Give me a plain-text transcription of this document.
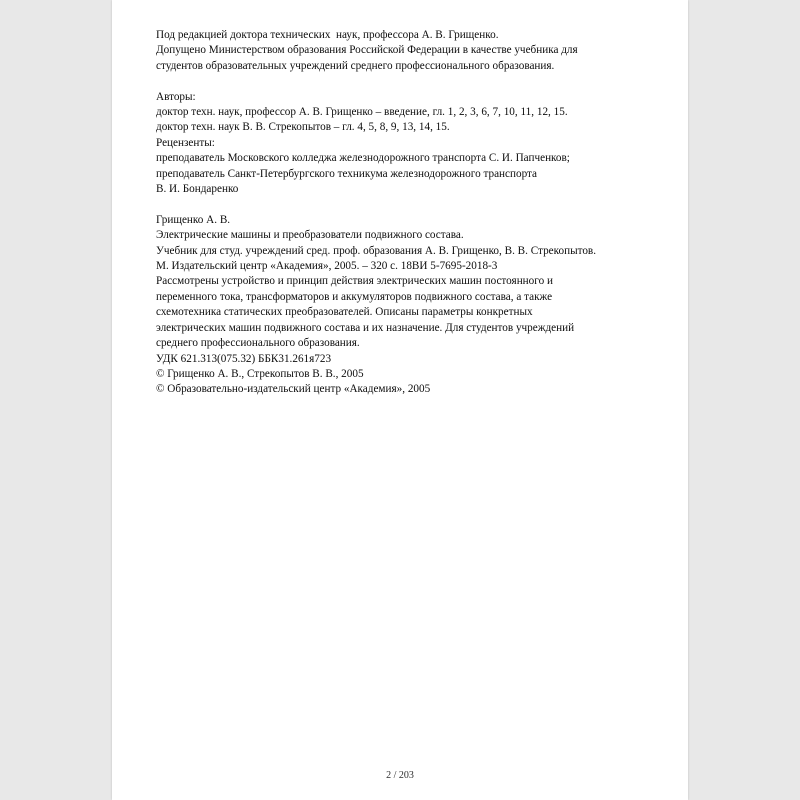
Под редакцией доктора технических  наук, профессора А. В. Грищенко.

Допущено Министерством образования Российской Федерации в качестве учебника для

студентов образовательных учреждений среднего профессионального образования.

Авторы:

доктор техн. наук, профессор А. В. Грищенко – введение, гл. 1, 2, 3, 6, 7, 10, 11, 12, 15.

доктор техн. наук В. В. Стрекопытов – гл. 4, 5, 8, 9, 13, 14, 15.

Рецензенты:

преподаватель Московского колледжа железнодорожного транспорта С. И. Папченков;

преподаватель Санкт-Петербургского техникума железнодорожного транспорта

В. И. Бондаренко

Грищенко А. В.

Электрические машины и преобразователи подвижного состава.

Учебник для студ. учреждений сред. проф. образования А. В. Грищенко, В. В. Стрекопытов.

М. Издательский центр «Академия», 2005. – 320 с. 18ВИ 5-7695-2018-3

Рассмотрены устройство и принцип действия электрических машин постоянного и

переменного тока, трансформаторов и аккумуляторов подвижного состава, а также

схемотехника статических преобразователей. Описаны параметры конкретных

электрических машин подвижного состава и их назначение. Для студентов учреждений

среднего профессионального образования.

УДК 621.313(075.32) ББК31.261я723

© Грищенко А. В., Стрекопытов В. В., 2005

© Образовательно-издательский центр «Академия», 2005

2 / 203
